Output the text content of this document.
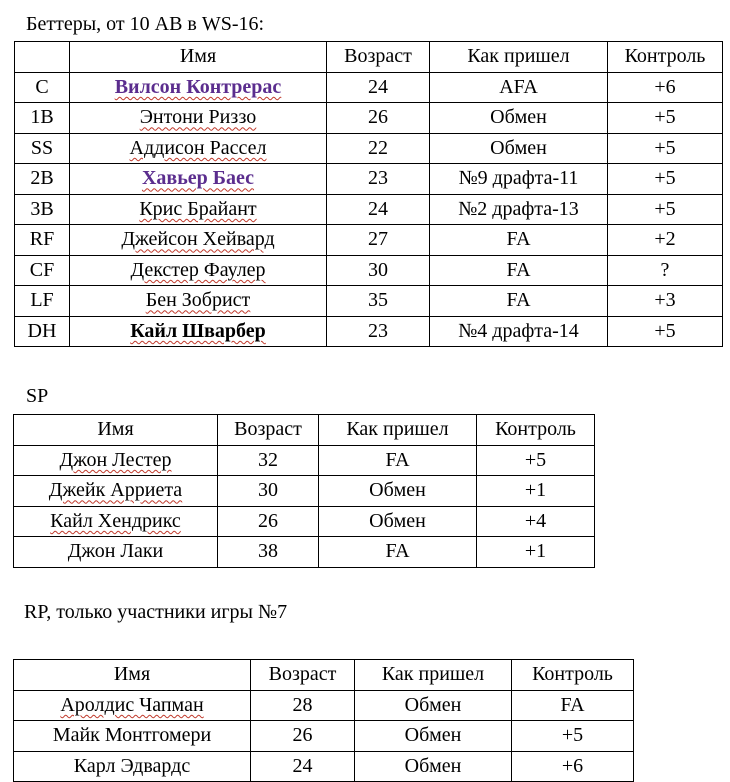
Беттеры, от 10 AB в WS-16:
	Имя	Возраст	Как пришел	Контроль
C	Вилсон Контрерас	24	AFA	+6
1B	Энтони Риззо	26	Обмен	+5
SS	Аддисон Рассел	22	Обмен	+5
2B	Хавьер Баес	23	№9 драфта-11	+5
3B	Крис Брайант	24	№2 драфта-13	+5
RF	Джейсон Хейвард	27	FA	+2
CF	Декстер Фаулер	30	FA	?
LF	Бен Зобрист	35	FA	+3
DH	Кайл Шварбер	23	№4 драфта-14	+5
SP
Имя	Возраст	Как пришел	Контроль
Джон Лестер	32	FA	+5
Джейк Арриета	30	Обмен	+1
Кайл Хендрикс	26	Обмен	+4
Джон Лаки	38	FA	+1
RP, только участники игры №7
Имя	Возраст	Как пришел	Контроль
Аролдис Чапман	28	Обмен	FA
Майк Монтгомери	26	Обмен	+5
Карл Эдвардс	24	Обмен	+6
